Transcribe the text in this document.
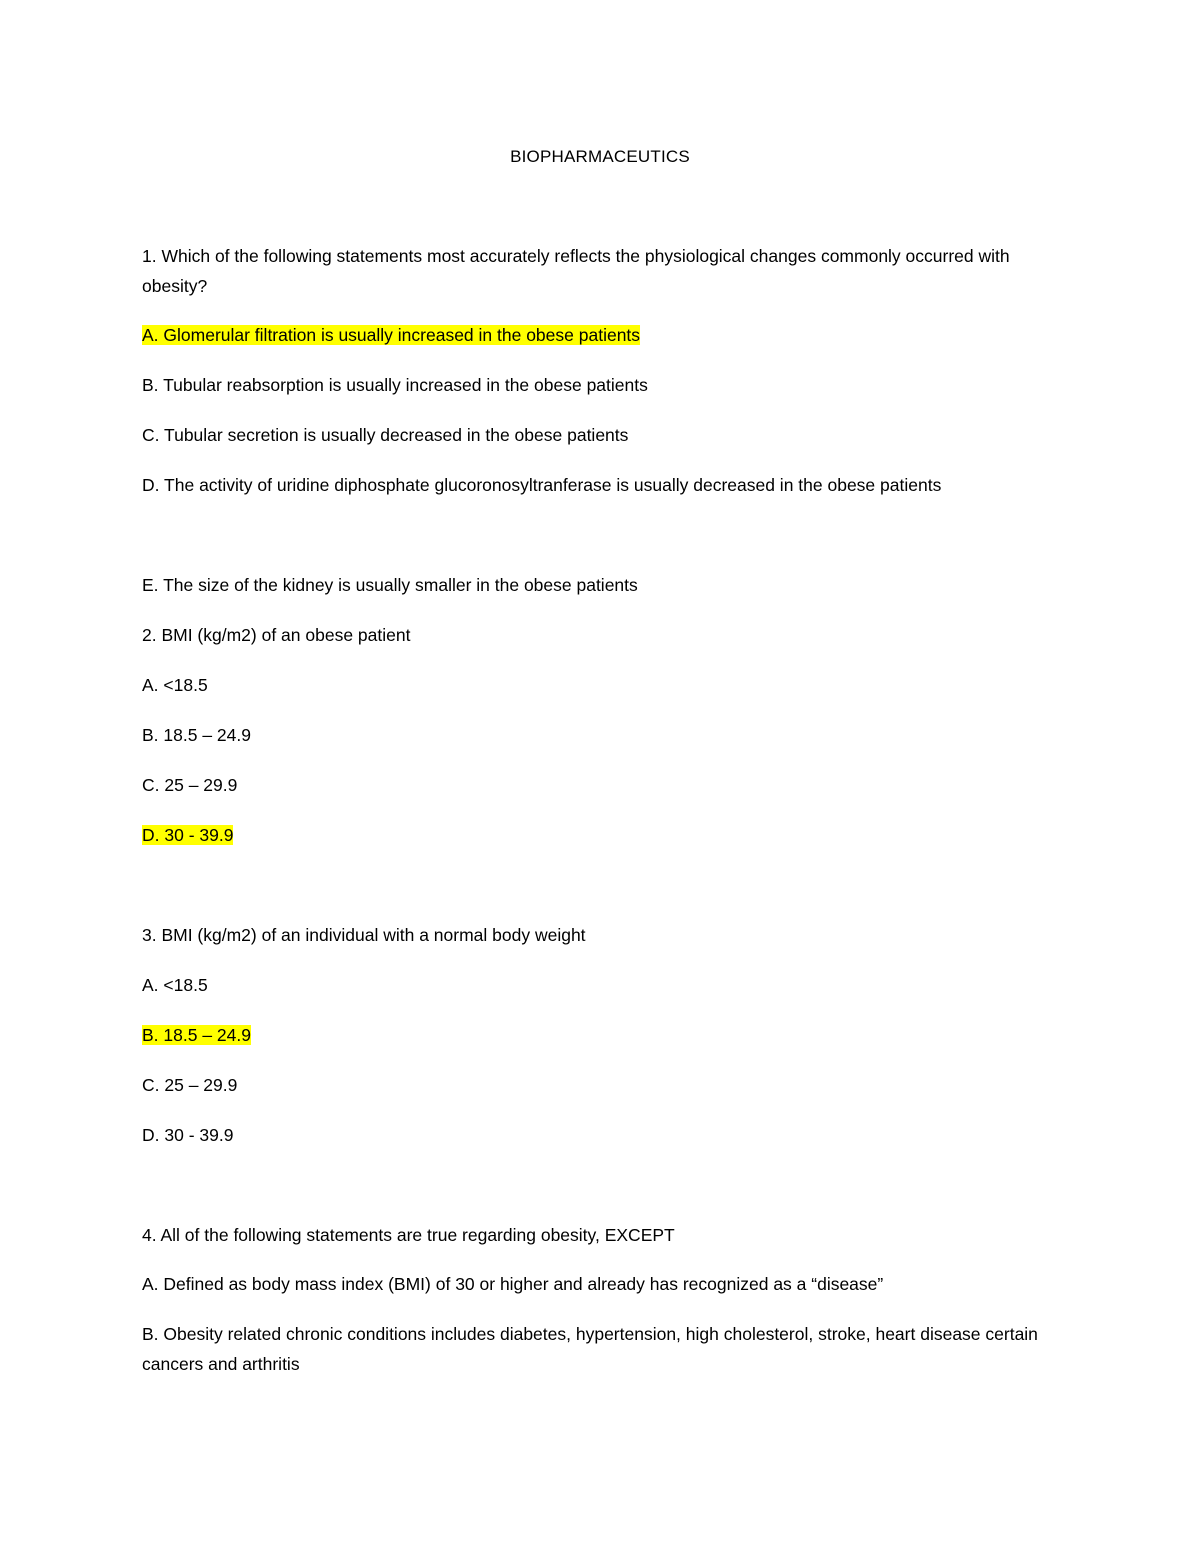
BIOPHARMACEUTICS
1. Which of the following statements most accurately reflects the physiological changes commonly occurred with obesity?
A. Glomerular filtration is usually increased in the obese patients
B. Tubular reabsorption is usually increased in the obese patients
C. Tubular secretion is usually decreased in the obese patients
D. The activity of uridine diphosphate glucoronosyltranferase is usually decreased in the obese patients
E. The size of the kidney is usually smaller in the obese patients
2. BMI (kg/m2) of an obese patient
A. <18.5
B. 18.5 – 24.9
C. 25 – 29.9
D. 30 - 39.9
3. BMI (kg/m2) of an individual with a normal body weight
A. <18.5
B. 18.5 – 24.9
C. 25 – 29.9
D. 30 - 39.9
4. All of the following statements are true regarding obesity, EXCEPT
A. Defined as body mass index (BMI) of 30 or higher and already has recognized as a “disease”
B. Obesity related chronic conditions includes diabetes, hypertension, high cholesterol, stroke, heart disease certain cancers and arthritis
